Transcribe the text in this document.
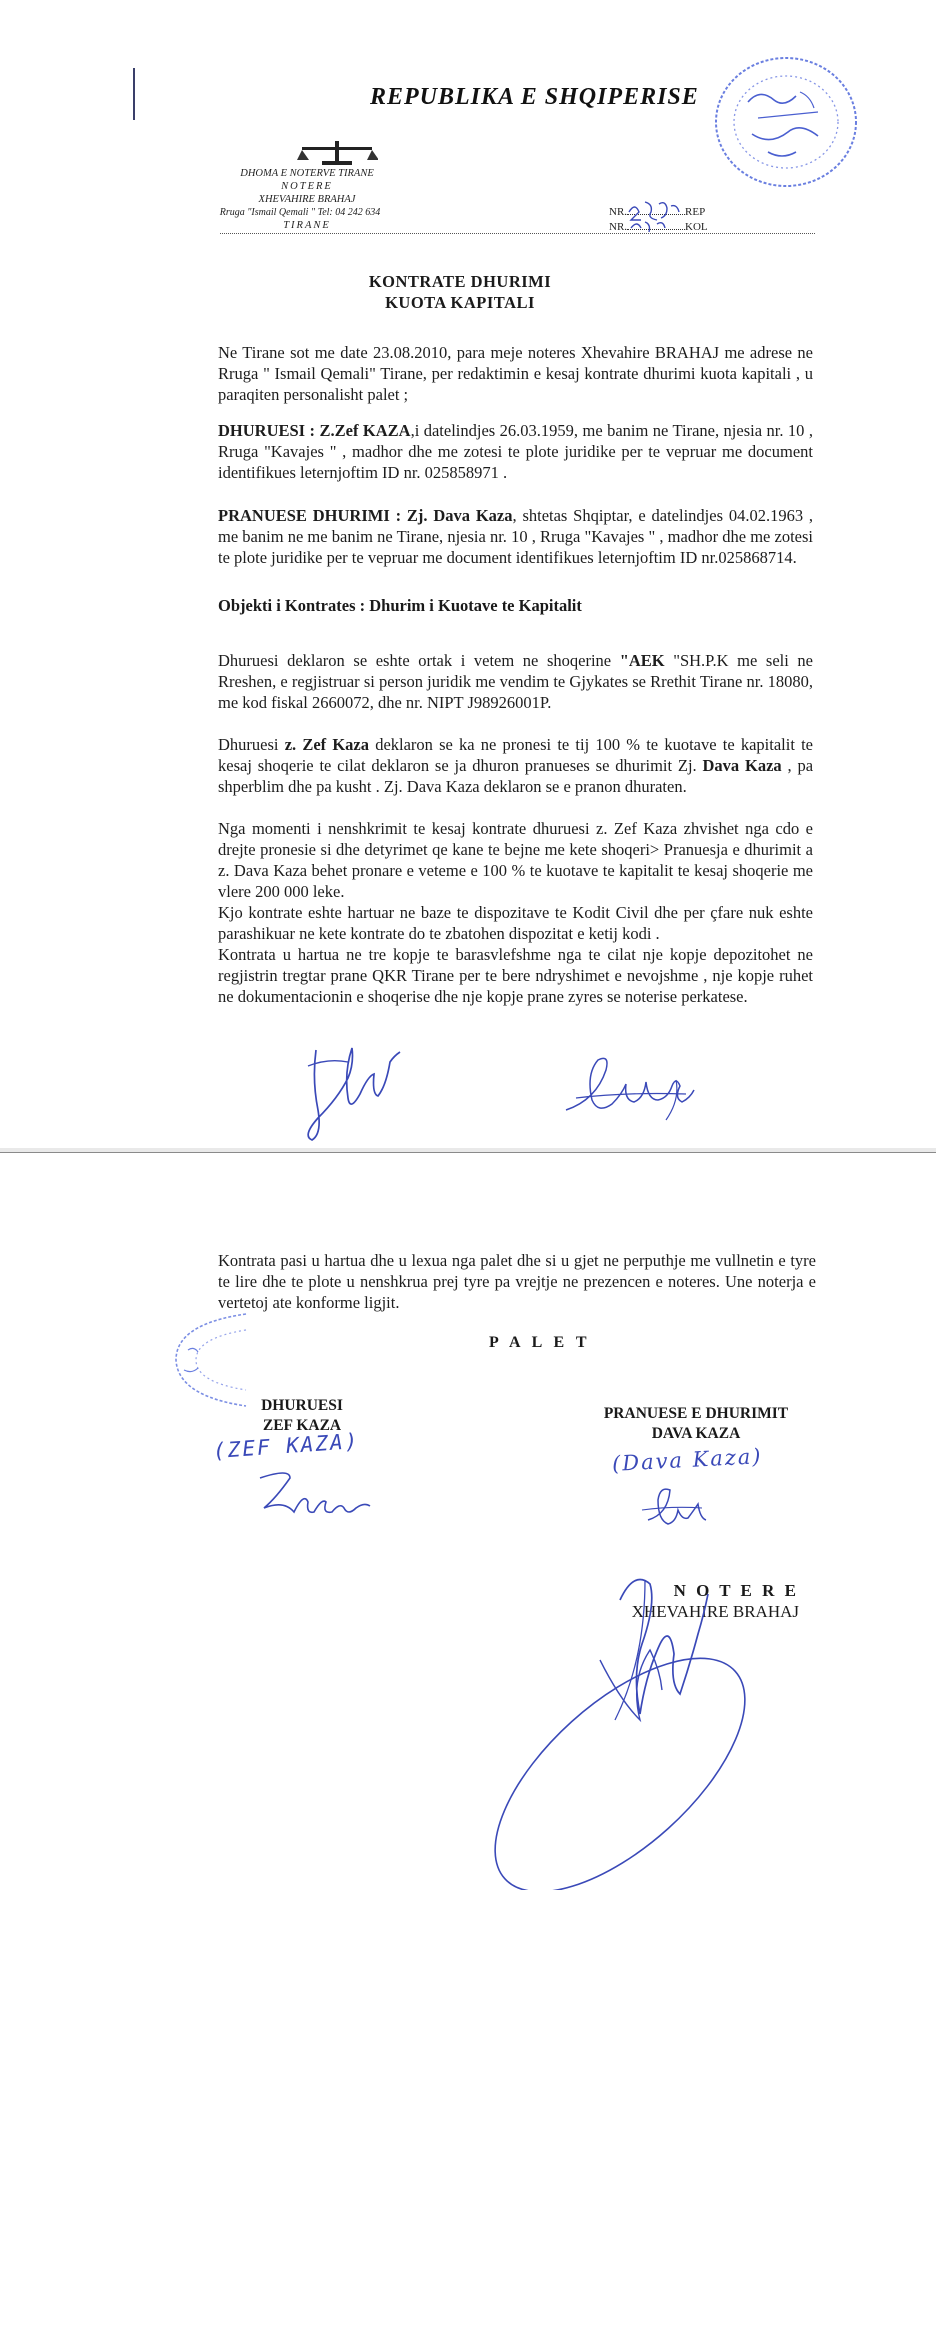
REPUBLIKA E SHQIPERISE
DHOMA E NOTERVE TIRANE
NOTERE
XHEVAHIRE BRAHAJ
Rruga "Ismail Qemali " Tel: 04 242 634
TIRANE
NR.	REP
NR.	KOL
KONTRATE DHURIMI
KUOTA KAPITALI
Ne Tirane sot me date 23.08.2010, para meje noteres Xhevahire BRAHAJ me adrese ne Rruga " Ismail Qemali" Tirane, per redaktimin e kesaj kontrate dhurimi kuota kapitali , u paraqiten personalisht palet ;
DHURUESI : Z.Zef KAZA,i datelindjes 26.03.1959, me banim ne Tirane, njesia nr. 10 , Rruga "Kavajes " , madhor dhe me zotesi te plote juridike per te vepruar me document identifikues leternjoftim ID nr. 025858971 .
PRANUESE DHURIMI : Zj. Dava Kaza, shtetas Shqiptar, e datelindjes 04.02.1963 , me banim ne me banim ne Tirane, njesia nr. 10 , Rruga "Kavajes " , madhor dhe me zotesi te plote juridike per te vepruar me document identifikues leternjoftim ID nr.025868714.
Objekti i Kontrates : Dhurim i Kuotave te Kapitalit
Dhuruesi deklaron se eshte ortak i vetem ne shoqerine "AEK "SH.P.K me seli ne Rreshen, e regjistruar si person juridik me vendim te Gjykates se Rrethit Tirane nr. 18080, me kod fiskal 2660072, dhe nr. NIPT J98926001P.
Dhuruesi z. Zef Kaza deklaron se ka ne pronesi te tij 100 % te kuotave te kapitalit te kesaj shoqerie te cilat deklaron se ja dhuron pranueses se dhurimit Zj. Dava Kaza , pa shperblim dhe pa kusht . Zj. Dava Kaza deklaron se e pranon dhuraten.
Nga momenti i nenshkrimit te kesaj kontrate dhuruesi z. Zef Kaza zhvishet nga cdo e drejte pronesie si dhe detyrimet qe kane te bejne me kete shoqeri> Pranuesja e dhurimit a z. Dava Kaza behet pronare e veteme e 100 % te kuotave te kapitalit te kesaj shoqerie me vlere 200 000 leke.
Kjo kontrate eshte hartuar ne baze te dispozitave te Kodit Civil dhe per çfare nuk eshte parashikuar ne kete kontrate do te zbatohen dispozitat e ketij kodi .
Kontrata u hartua ne tre kopje te barasvlefshme nga te cilat nje kopje depozitohet ne regjistrin tregtar prane QKR Tirane per te bere ndryshimet e nevojshme , nje kopje ruhet ne dokumentacionin e shoqerise dhe nje kopje prane zyres se noterise perkatese.
Kontrata pasi u hartua dhe u lexua nga palet dhe si u gjet ne perputhje me vullnetin e tyre te lire dhe te plote u nenshkrua prej tyre pa vrejtje ne prezencen e noteres. Une noterja e vertetoj ate konforme ligjit.
P A L E T
DHURUESI
ZEF KAZA
(ZEF KAZA)
PRANUESE E DHURIMIT
DAVA KAZA
(Dava Kaza)
N O T E R E
XHEVAHIRE BRAHAJ
